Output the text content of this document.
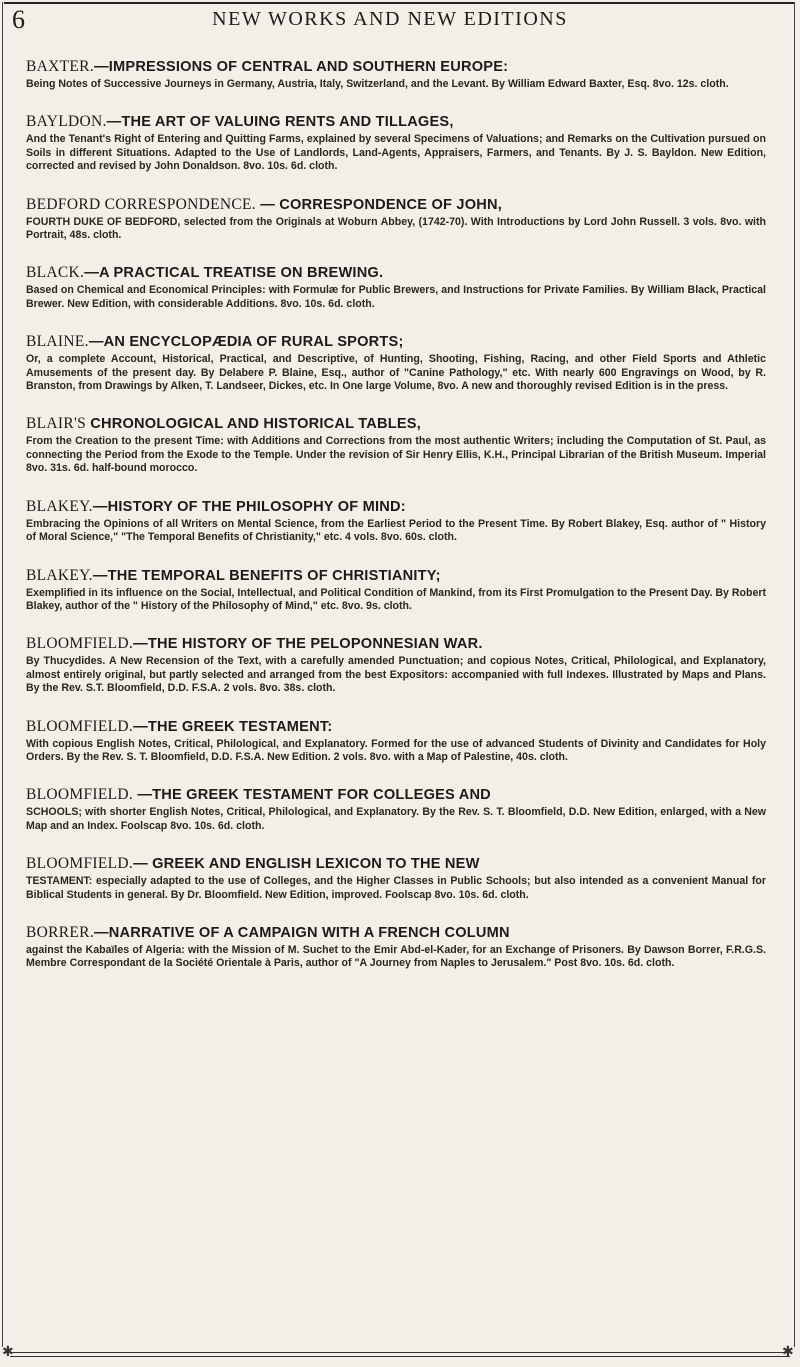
6	NEW WORKS AND NEW EDITIONS
BAXTER.—IMPRESSIONS OF CENTRAL AND SOUTHERN EUROPE:
Being Notes of Successive Journeys in Germany, Austria, Italy, Switzerland, and the Levant. By William Edward Baxter, Esq. 8vo. 12s. cloth.
BAYLDON.—THE ART OF VALUING RENTS AND TILLAGES,
And the Tenant's Right of Entering and Quitting Farms, explained by several Specimens of Valuations; and Remarks on the Cultivation pursued on Soils in different Situations. Adapted to the Use of Landlords, Land-Agents, Appraisers, Farmers, and Tenants. By J. S. Bayldon. New Edition, corrected and revised by John Donaldson. 8vo. 10s. 6d. cloth.
BEDFORD CORRESPONDENCE. — CORRESPONDENCE OF JOHN,
FOURTH DUKE OF BEDFORD, selected from the Originals at Woburn Abbey, (1742-70). With Introductions by Lord John Russell. 3 vols. 8vo. with Portrait, 48s. cloth.
BLACK.—A PRACTICAL TREATISE ON BREWING.
Based on Chemical and Economical Principles: with Formulæ for Public Brewers, and Instructions for Private Families. By William Black, Practical Brewer. New Edition, with considerable Additions. 8vo. 10s. 6d. cloth.
BLAINE.—AN ENCYCLOPÆDIA OF RURAL SPORTS;
Or, a complete Account, Historical, Practical, and Descriptive, of Hunting, Shooting, Fishing, Racing, and other Field Sports and Athletic Amusements of the present day. By Delabere P. Blaine, Esq., author of "Canine Pathology," etc. With nearly 600 Engravings on Wood, by R. Branston, from Drawings by Alken, T. Landseer, Dickes, etc. In One large Volume, 8vo. A new and thoroughly revised Edition is in the press.
BLAIR'S CHRONOLOGICAL AND HISTORICAL TABLES,
From the Creation to the present Time: with Additions and Corrections from the most authentic Writers; including the Computation of St. Paul, as connecting the Period from the Exode to the Temple. Under the revision of Sir Henry Ellis, K.H., Principal Librarian of the British Museum. Imperial 8vo. 31s. 6d. half-bound morocco.
BLAKEY.—HISTORY OF THE PHILOSOPHY OF MIND:
Embracing the Opinions of all Writers on Mental Science, from the Earliest Period to the Present Time. By Robert Blakey, Esq. author of " History of Moral Science," "The Temporal Benefits of Christianity," etc. 4 vols. 8vo. 60s. cloth.
BLAKEY.—THE TEMPORAL BENEFITS OF CHRISTIANITY;
Exemplified in its influence on the Social, Intellectual, and Political Condition of Mankind, from its First Promulgation to the Present Day. By Robert Blakey, author of the " History of the Philosophy of Mind," etc. 8vo. 9s. cloth.
BLOOMFIELD.—THE HISTORY OF THE PELOPONNESIAN WAR.
By Thucydides. A New Recension of the Text, with a carefully amended Punctuation; and copious Notes, Critical, Philological, and Explanatory, almost entirely original, but partly selected and arranged from the best Expositors: accompanied with full Indexes. Illustrated by Maps and Plans. By the Rev. S.T. Bloomfield, D.D. F.S.A. 2 vols. 8vo. 38s. cloth.
BLOOMFIELD.—THE GREEK TESTAMENT:
With copious English Notes, Critical, Philological, and Explanatory. Formed for the use of advanced Students of Divinity and Candidates for Holy Orders. By the Rev. S. T. Bloomfield, D.D. F.S.A. New Edition. 2 vols. 8vo. with a Map of Palestine, 40s. cloth.
BLOOMFIELD. —THE GREEK TESTAMENT FOR COLLEGES AND
SCHOOLS; with shorter English Notes, Critical, Philological, and Explanatory. By the Rev. S. T. Bloomfield, D.D. New Edition, enlarged, with a New Map and an Index. Foolscap 8vo. 10s. 6d. cloth.
BLOOMFIELD.— GREEK AND ENGLISH LEXICON TO THE NEW
TESTAMENT: especially adapted to the use of Colleges, and the Higher Classes in Public Schools; but also intended as a convenient Manual for Biblical Students in general. By Dr. Bloomfield. New Edition, improved. Foolscap 8vo. 10s. 6d. cloth.
BORRER.—NARRATIVE OF A CAMPAIGN WITH A FRENCH COLUMN
against the Kabaïles of Algeria: with the Mission of M. Suchet to the Emir Abd-el-Kader, for an Exchange of Prisoners. By Dawson Borrer, F.R.G.S. Membre Correspondant de la Société Orientale à Paris, author of "A Journey from Naples to Jerusalem." Post 8vo. 10s. 6d. cloth.
✱	✱
